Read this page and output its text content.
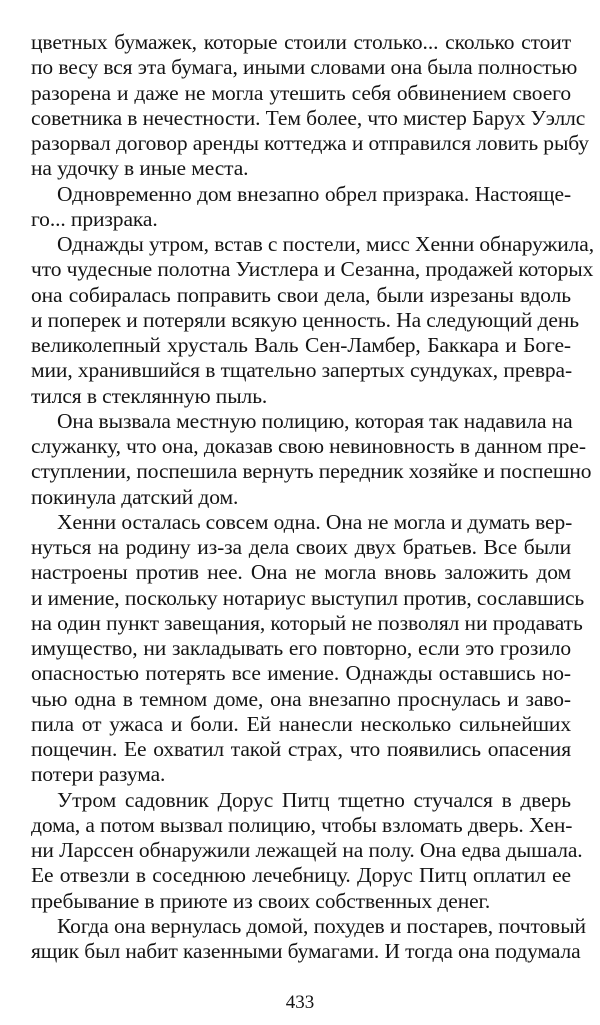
цветных бумажек, которые стоили столько... сколько стоит
по весу вся эта бумага, иными словами она была полностью
разорена и даже не могла утешить себя обвинением своего
советника в нечестности. Тем более, что мистер Барух Уэллс
разорвал договор аренды коттеджа и отправился ловить рыбу
на удочку в иные места.
Одновременно дом внезапно обрел призрака. Настояще-
го... призрака.
Однажды утром, встав с постели, мисс Хенни обнаружила,
что чудесные полотна Уистлера и Сезанна, продажей которых
она собиралась поправить свои дела, были изрезаны вдоль
и поперек и потеряли всякую ценность. На следующий день
великолепный хрусталь Валь Сен-Ламбер, Баккара и Боге-
мии, хранившийся в тщательно запертых сундуках, превра-
тился в стеклянную пыль.
Она вызвала местную полицию, которая так надавила на
служанку, что она, доказав свою невиновность в данном пре-
ступлении, поспешила вернуть передник хозяйке и поспешно
покинула датский дом.
Хенни осталась совсем одна. Она не могла и думать вер-
нуться на родину из-за дела своих двух братьев. Все были
настроены против нее. Она не могла вновь заложить дом
и имение, поскольку нотариус выступил против, сославшись
на один пункт завещания, который не позволял ни продавать
имущество, ни закладывать его повторно, если это грозило
опасностью потерять все имение. Однажды оставшись но-
чью одна в темном доме, она внезапно проснулась и заво-
пила от ужаса и боли. Ей нанесли несколько сильнейших
пощечин. Ее охватил такой страх, что появились опасения
потери разума.
Утром садовник Дорус Питц тщетно стучался в дверь
дома, а потом вызвал полицию, чтобы взломать дверь. Хен-
ни Ларссен обнаружили лежащей на полу. Она едва дышала.
Ее отвезли в соседнюю лечебницу. Дорус Питц оплатил ее
пребывание в приюте из своих собственных денег.
Когда она вернулась домой, похудев и постарев, почтовый
ящик был набит казенными бумагами. И тогда она подумала
433
